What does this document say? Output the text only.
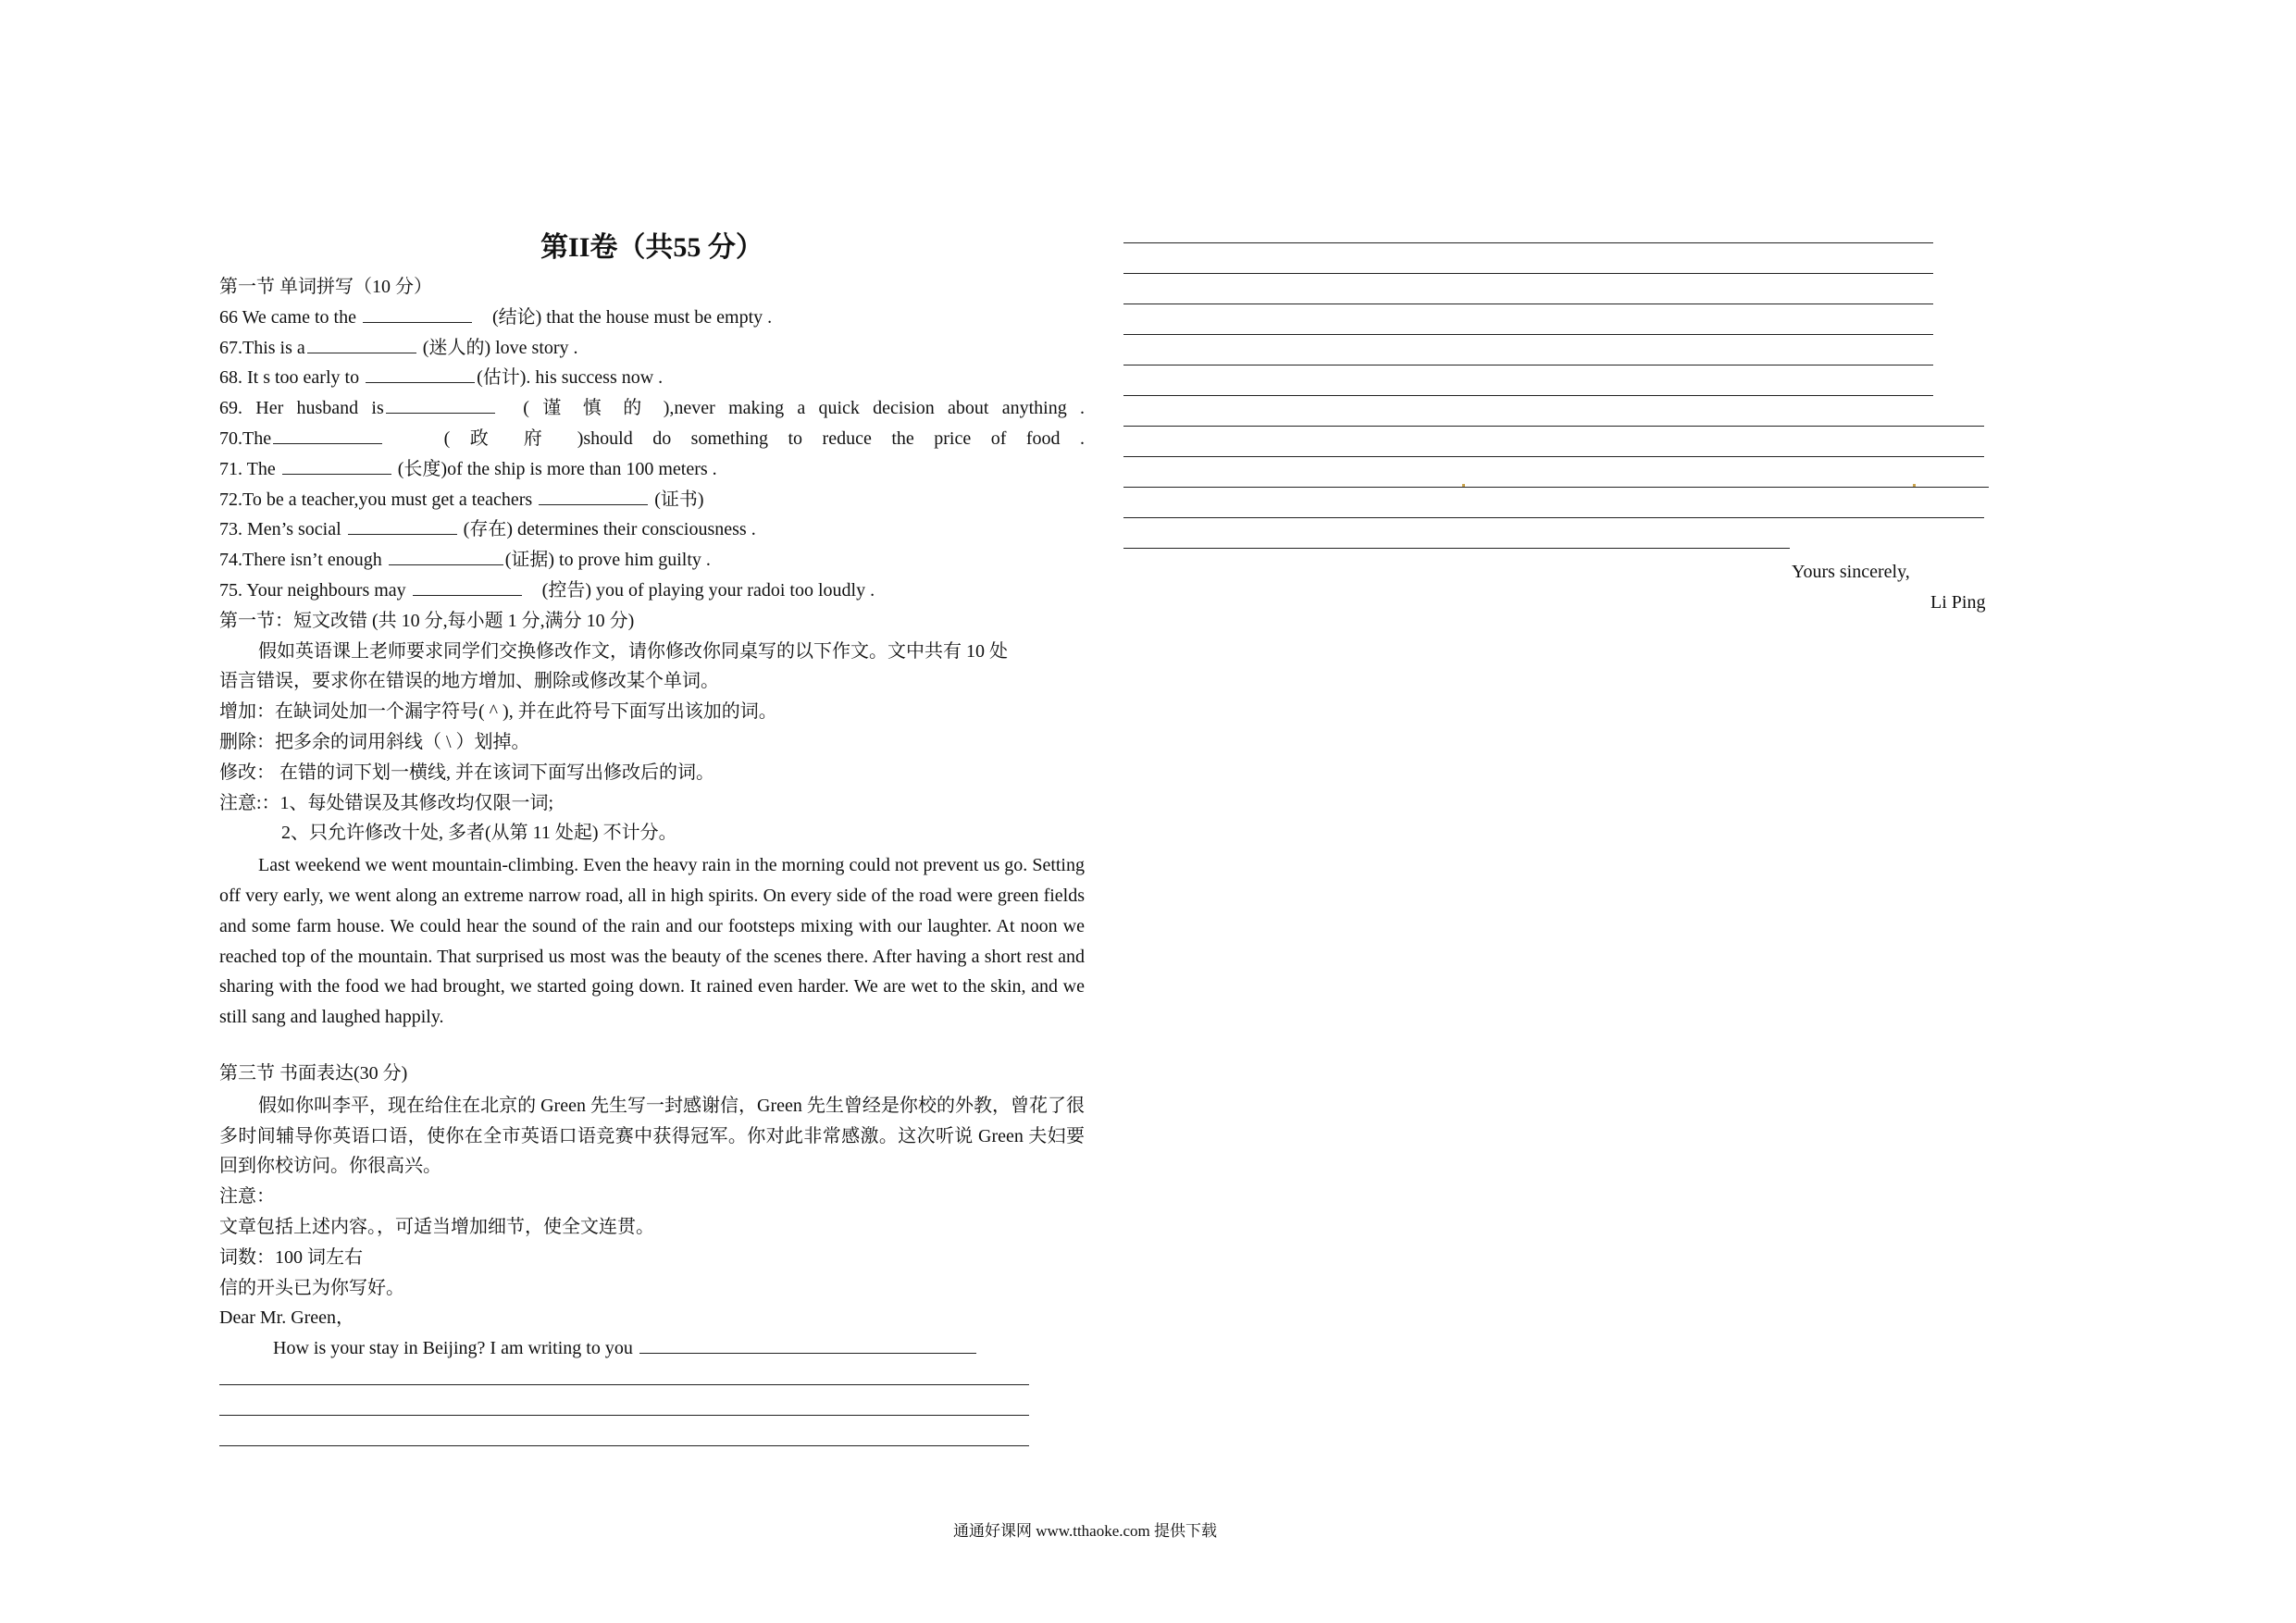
第II卷（共55 分）
第一节 单词拼写（10 分）
66 We came to the	(结论) that the house must be empty .
67.This is a	(迷人的) love story .
68. It s too early to	(估计). his success now .
69. Her husband is	( 谨 慎 的 ),never making a quick decision about anything .
70.The	( 政 府 )should do something to reduce the price of food .
71. The	(长度)of the ship is more than 100 meters .
72.To be a teacher,you must get a teachers	(证书)
73. Men’s social	(存在) determines their consciousness .
74.There isn’t enough	(证据) to prove him guilty .
75. Your neighbours may	(控告) you of playing your radoi too loudly .
第一节：短文改错 (共 10 分,每小题 1 分,满分 10 分)
假如英语课上老师要求同学们交换修改作文，请你修改你同桌写的以下作文。文中共有 10 处
语言错误，要求你在错误的地方增加、删除或修改某个单词。
增加：在缺词处加一个漏字符号( ^ ), 并在此符号下面写出该加的词。
删除：把多余的词用斜线（ \ ）划掉。
修改： 在错的词下划一横线, 并在该词下面写出修改后的词。
注意:：1、每处错误及其修改均仅限一词;
2、只允许修改十处, 多者(从第 11 处起) 不计分。
Last weekend we went mountain-climbing. Even the heavy rain in the morning could not prevent us go. Setting off very early, we went along an extreme narrow road, all in high spirits. On every side of the road were green fields and some farm house. We could hear the sound of the rain and our footsteps mixing with our laughter. At noon we reached top of the mountain. That surprised us most was the beauty of the scenes there. After having a short rest and sharing with the food we had brought, we started going down. It rained even harder. We are wet to the skin, and we still sang and laughed happily.
第三节 书面表达(30 分)
假如你叫李平，现在给住在北京的 Green 先生写一封感谢信，Green 先生曾经是你校的外教，曾花了很多时间辅导你英语口语，使你在全市英语口语竞赛中获得冠军。你对此非常感激。这次听说 Green 夫妇要回到你校访问。你很高兴。
注意：
文章包括上述内容。，可适当增加细节，使全文连贯。
词数：100 词左右
信的开头已为你写好。
Dear Mr. Green，
How is your stay in Beijing? I am writing to you
Yours sincerely,
Li Ping
通通好课网 www.tthaoke.com 提供下载
